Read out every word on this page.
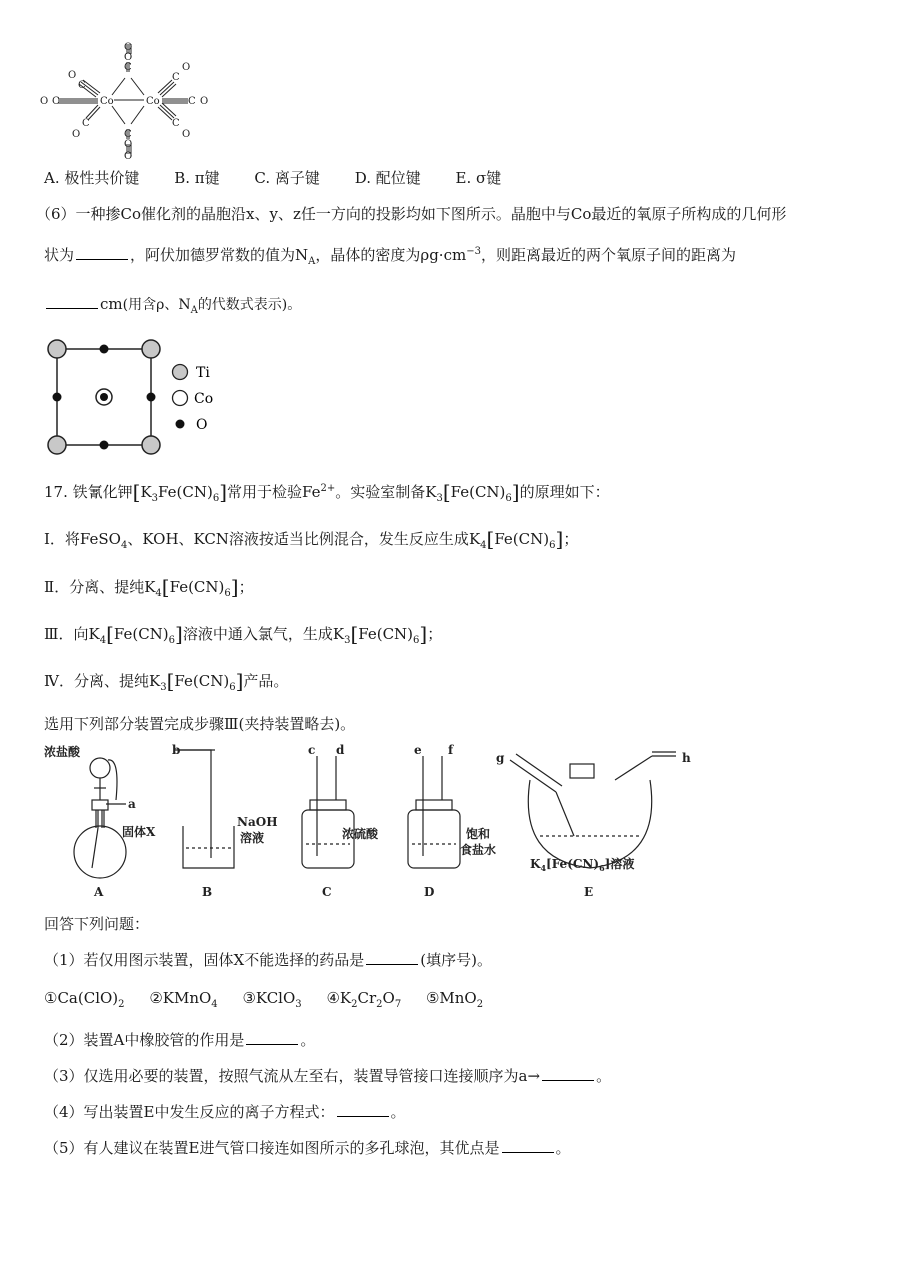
Co	Co
C
C
O
O
O
O
O C	C O
O
C
C
O
C
O
C
O
A. 极性共价键 B. π键 C. 离子键 D. 配位键 E. σ键
（6）一种掺Co催化剂的晶胞沿x、y、z任一方向的投影均如下图所示。晶胞中与Co最近的氧原子所构成的几何形
状为	，阿伏加德罗常数的值为$N_A$，晶体的密度为$\rho g\cdot cm^{-3}$，则距离最近的两个氧原子间的距离为
cm(用含ρ、$N_A$的代数式表示)。
Ti
Co
O
17. 铁氰化钾$[K_3Fe(CN)_6]$常用于检验$Fe^{2+}$。实验室制备$K_3[Fe(CN)_6]$的原理如下：
Ⅰ．将FeSO$_4$、KOH、KCN溶液按适当比例混合，发生反应生成$K_4[Fe(CN)_6]$；
Ⅱ．分离、提纯$K_4[Fe(CN)_6]$；
Ⅲ．向$K_4[Fe(CN)_6]$溶液中通入氯气，生成$K_3[Fe(CN)_6]$；
Ⅳ．分离、提纯$K_3[Fe(CN)_6]$产品。
选用下列部分装置完成步骤Ⅲ(夹持装置略去)。
浓盐酸
a
固体X
b
NaOH
溶液
c d
浓硫酸
e f
饱和
食盐水
g	h
$K_4[Fe(CN)_6]$溶液
A	B	C	D	E
回答下列问题：
（1）若仅用图示装置，固体X不能选择的药品是	(填序号)。
$①Ca(ClO)_2$ ②KMnO$_4$ ③KClO$_3$ $④K_2Cr_2O_7$ ⑤MnO$_2$
（2）装置A中橡胶管的作用是	。
（3）仅选用必要的装置，按照气流从左至右，装置导管接口连接顺序为a→	。
（4）写出装置E中发生反应的离子方程式：	。
（5）有人建议在装置E进气管口接连如图所示的多孔球泡，其优点是	。
